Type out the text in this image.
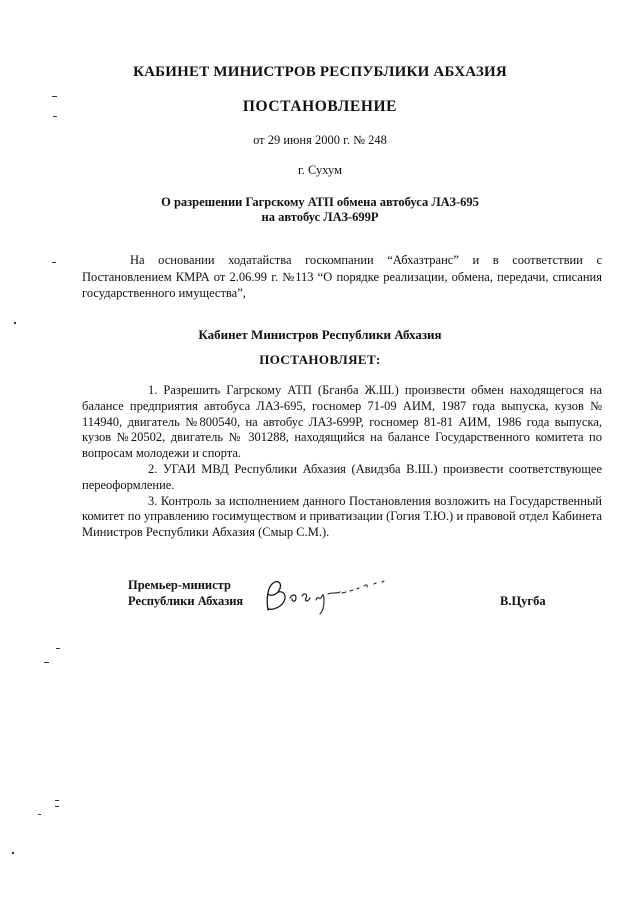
КАБИНЕТ МИНИСТРОВ РЕСПУБЛИКИ АБХАЗИЯ
ПОСТАНОВЛЕНИЕ
от 29 июня 2000 г. № 248
г. Сухум
О разрешении Гагрскому АТП обмена автобуса ЛАЗ-695
на автобус ЛАЗ-699Р

На основании ходатайства госкомпании “Абхазтранс” и в соответствии с Постановлением КМРА от 2.06.99 г. №113 “О порядке реализации, обмена, передачи, списания государственного имущества”,

Кабинет Министров Республики Абхазия
ПОСТАНОВЛЯЕТ:
1. Разрешить Гагрскому АТП (Бганба Ж.Ш.) произвести обмен находящегося на балансе предприятия автобуса ЛАЗ-695, госномер 71-09 АИМ, 1987 года выпуска, кузов № 114940, двигатель №800540, на автобус ЛАЗ-699Р, госномер 81-81 АИМ, 1986 года выпуска, кузов №20502, двигатель № 301288, находящийся на балансе Государственного комитета по вопросам молодежи и спорта.
2. УГАИ МВД Республики Абхазия (Авидзба В.Ш.) произвести соответствующее переоформление.
3. Контроль за исполнением данного Постановления возложить на Государственный комитет по управлению госимуществом и приватизации (Гогия Т.Ю.) и правовой отдел Кабинета Министров Республики Абхазия (Смыр С.М.).
Премьер-министр
Республики Абхазия	В.Цугба
